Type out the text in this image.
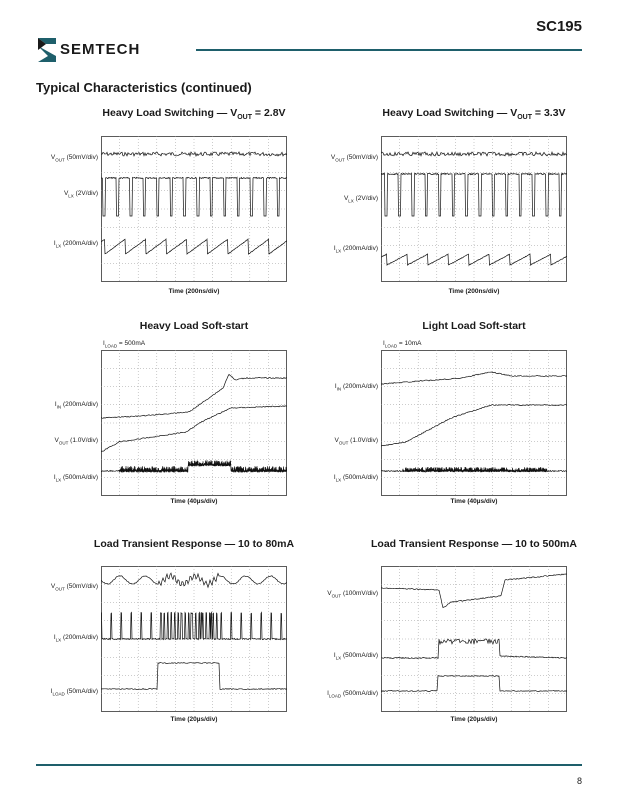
SC195
SEMTECH
Typical Characteristics (continued)
Heavy Load Switching — $V_{OUT} = 2.8V$
$V_{OUT}$ (50mV/div)
$V_{LX}$ (2V/div)
$I_{LX}$ (200mA/div)
Time (200ns/div)
Heavy Load Switching — $V_{OUT} = 3.3V$
$V_{OUT}$ (50mV/div)
$V_{LX}$ (2V/div)
$I_{LX}$ (200mA/div)
Time (200ns/div)
Heavy Load Soft-start
$I_{LOAD} = 500mA$
$I_{IN}$ (200mA/div)
$V_{OUT}$ (1.0V/div)
$I_{LX}$ (500mA/div)
Time (40µs/div)
Light Load Soft-start
$I_{LOAD} = 10mA$
$I_{IN}$ (200mA/div)
$V_{OUT}$ (1.0V/div)
$I_{LX}$ (500mA/div)
Time (40µs/div)
Load Transient Response — 10 to 80mA
$V_{OUT}$ (50mV/div)
$I_{LX}$ (200mA/div)
$I_{LOAD}$ (50mA/div)
Time (20µs/div)
Load Transient Response — 10 to 500mA
$V_{OUT}$ (100mV/div)
$I_{LX}$ (500mA/div)
$I_{LOAD}$ (500mA/div)
Time (20µs/div)
8
